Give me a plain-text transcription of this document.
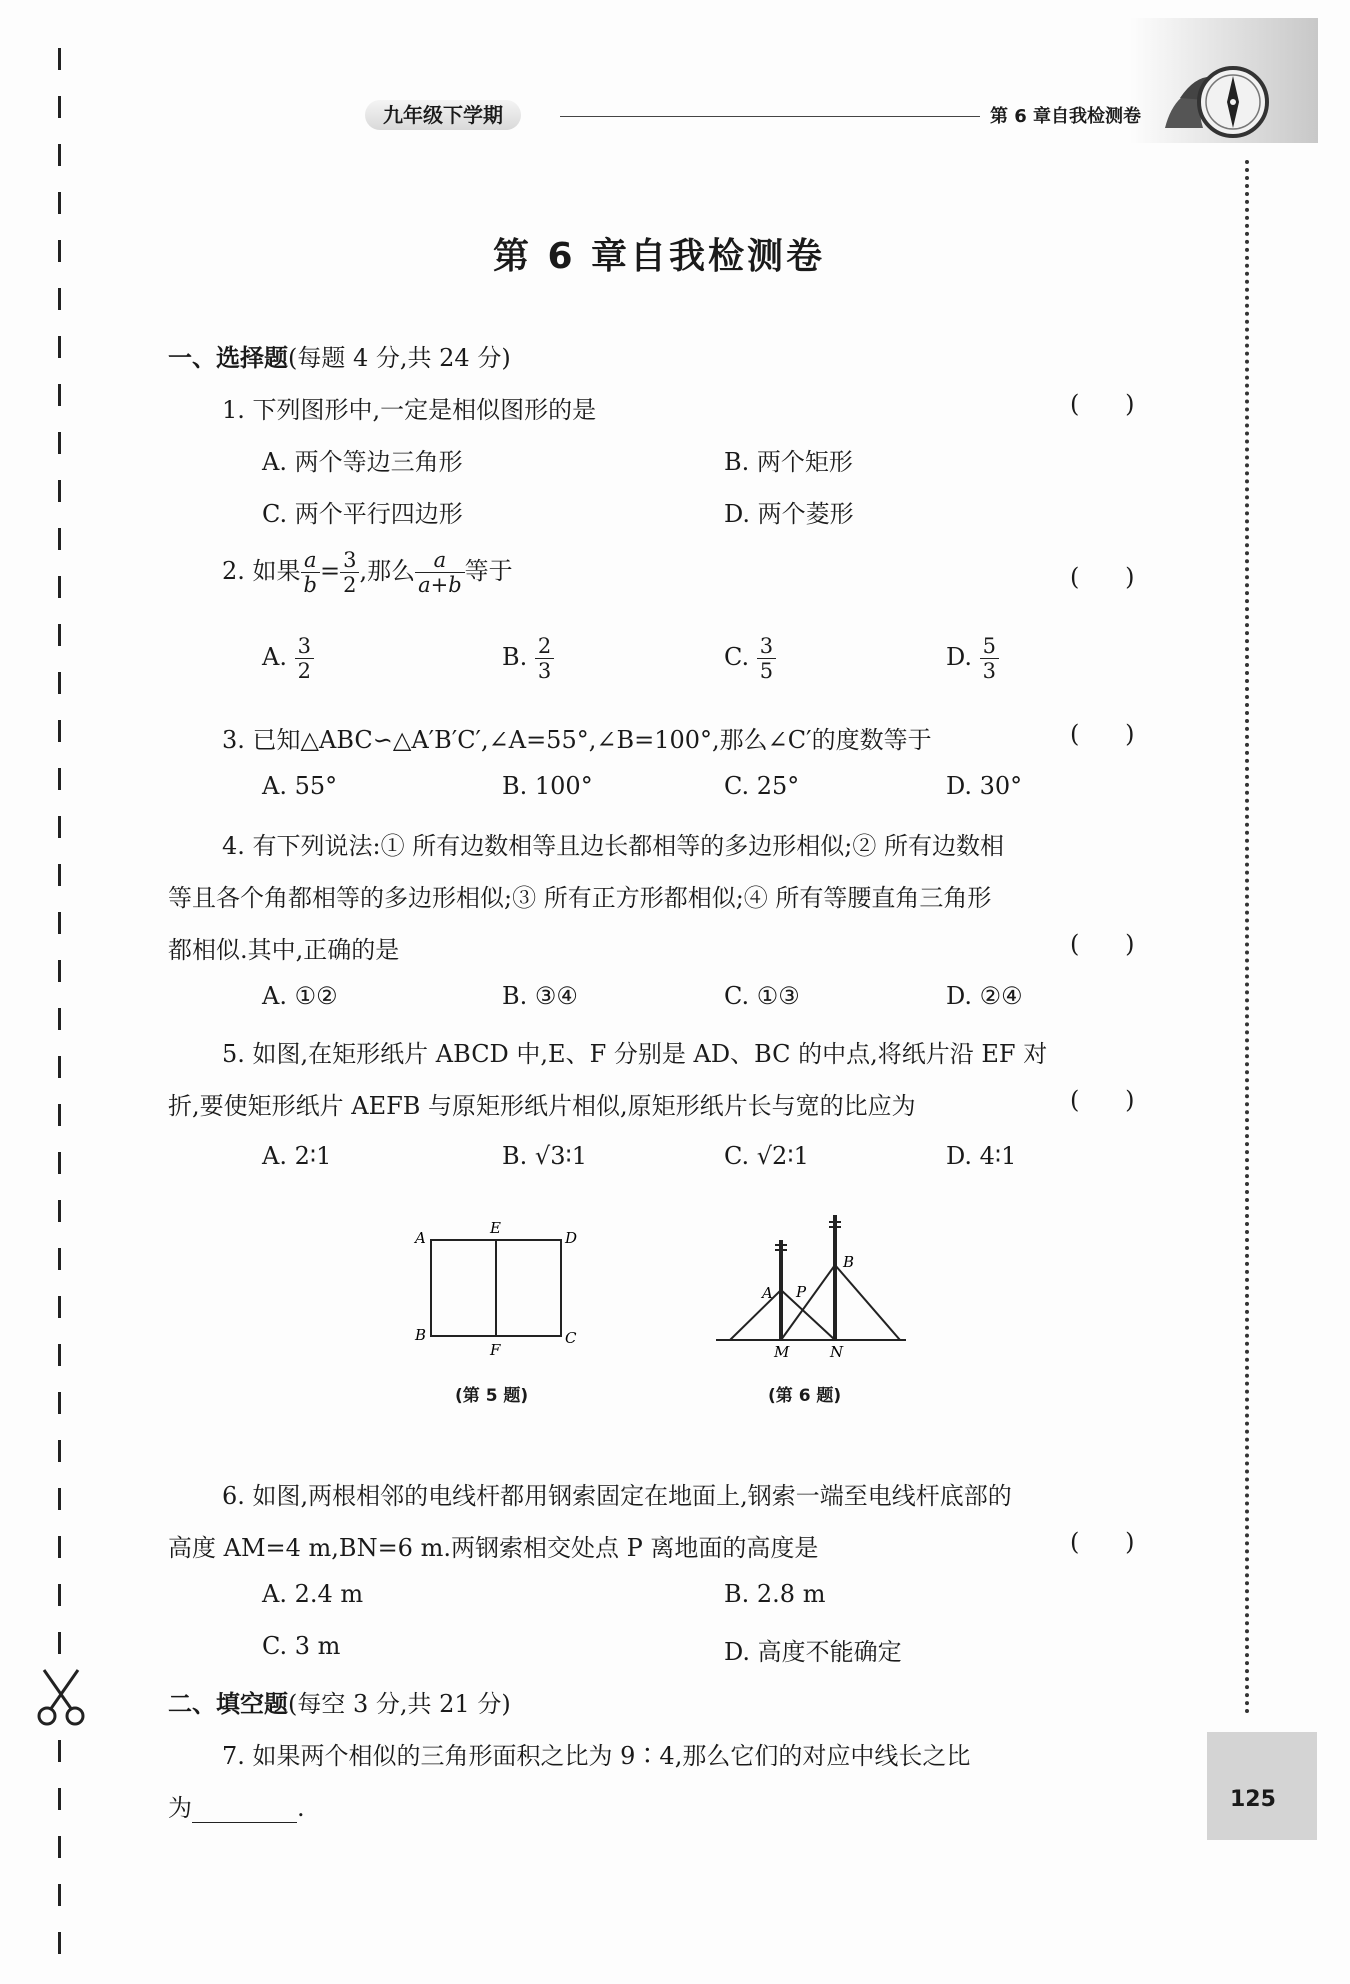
九年级下学期	第 6 章自我检测卷
第 6 章自我检测卷
一、选择题(每题 4 分,共 24 分)
1. 下列图形中,一定是相似图形的是	(      )
A. 两个等边三角形	B. 两个矩形
C. 两个平行四边形	D. 两个菱形
2. 如果 $\frac{a}{b} = \frac{3}{2}$ ,那么 $\frac{a}{a+b}$ 等于	(      )
A. $\frac{3}{2}$	B. $\frac{2}{3}$	C. $\frac{3}{5}$	D. $\frac{5}{3}$
3. 已知△ABC∽△A′B′C′,∠A=55°,∠B=100°,那么∠C′的度数等于	(      )
A. 55°	B. 100°	C. 25°	D. 30°
4. 有下列说法:① 所有边数相等且边长都相等的多边形相似;② 所有边数相
等且各个角都相等的多边形相似;③ 所有正方形都相似;④ 所有等腰直角三角形
都相似.其中,正确的是	(      )
A. ①②	B. ③④	C. ①③	D. ②④
5. 如图,在矩形纸片 ABCD 中,E、F 分别是 AD、BC 的中点,将纸片沿 EF 对
折,要使矩形纸片 AEFB 与原矩形纸片相似,原矩形纸片长与宽的比应为	(      )
A. 2∶1	B. √3∶1	C. √2∶1	D. 4∶1
A
E
D
B
F
C
(第 5 题)
A P
B
M	N
(第 6 题)
6. 如图,两根相邻的电线杆都用钢索固定在地面上,钢索一端至电线杆底部的
高度 AM=4 m,BN=6 m.两钢索相交处点 P 离地面的高度是	(      )
A. 2.4 m	B. 2.8 m
C. 3 m	D. 高度不能确定
二、填空题(每空 3 分,共 21 分)
7. 如果两个相似的三角形面积之比为 9∶4,那么它们的对应中线长之比
为	.	125
